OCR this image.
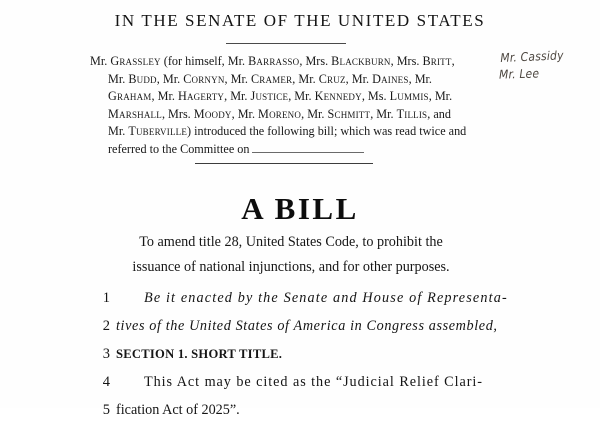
IN THE SENATE OF THE UNITED STATES
Mr. Grassley (for himself, Mr. Barrasso, Mrs. Blackburn, Mrs. Britt,
Mr. Budd, Mr. Cornyn, Mr. Cramer, Mr. Cruz, Mr. Daines, Mr.
Graham, Mr. Hagerty, Mr. Justice, Mr. Kennedy, Ms. Lummis, Mr.
Marshall, Mrs. Moody, Mr. Moreno, Mr. Schmitt, Mr. Tillis, and
Mr. Tuberville) introduced the following bill; which was read twice and
referred to the Committee on
Mr. Cassidy
Mr. Lee
A BILL
To amend title 28, United States Code, to prohibit the
issuance of national injunctions, and for other purposes.
1	Be it enacted by the Senate and House of Representa-
2 tives of the United States of America in Congress assembled,
3 SECTION 1. SHORT TITLE.
4	This Act may be cited as the “Judicial Relief Clari-
5 fication Act of 2025”.
